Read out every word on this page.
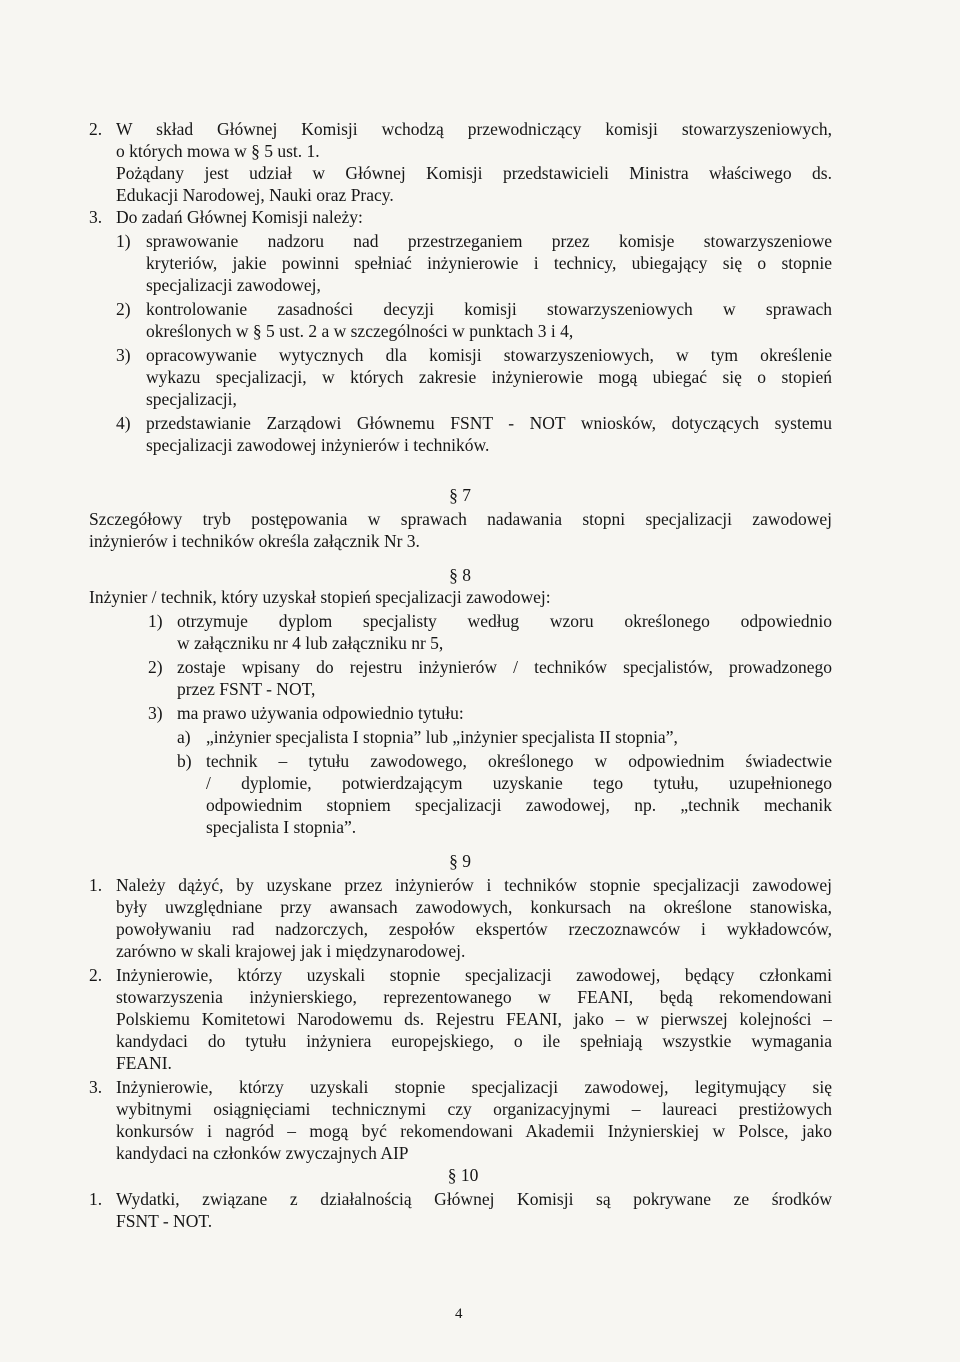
2. W skład Głównej Komisji wchodzą przewodniczący komisji stowarzyszeniowych,
o których mowa w § 5 ust. 1.
Pożądany jest udział w Głównej Komisji przedstawicieli Ministra właściwego ds.
Edukacji Narodowej, Nauki oraz Pracy.
3. Do zadań Głównej Komisji należy:
1) sprawowanie nadzoru nad przestrzeganiem przez komisje stowarzyszeniowe
kryteriów, jakie powinni spełniać inżynierowie i technicy, ubiegający się o stopnie
specjalizacji zawodowej,
2) kontrolowanie zasadności decyzji komisji stowarzyszeniowych w sprawach
określonych w § 5 ust. 2 a w szczególności w punktach 3 i 4,
3) opracowywanie wytycznych dla komisji stowarzyszeniowych, w tym określenie
wykazu specjalizacji, w których zakresie inżynierowie mogą ubiegać się o stopień
specjalizacji,
4) przedstawianie Zarządowi Głównemu FSNT - NOT wniosków, dotyczących systemu
specjalizacji zawodowej inżynierów i techników.
§ 7
Szczegółowy tryb postępowania w sprawach nadawania stopni specjalizacji zawodowej
inżynierów i techników określa załącznik Nr 3.
§ 8
Inżynier / technik, który uzyskał stopień specjalizacji zawodowej:
1) otrzymuje dyplom specjalisty według wzoru określonego odpowiednio
w załączniku nr 4 lub załączniku nr 5,
2) zostaje wpisany do rejestru inżynierów / techników specjalistów, prowadzonego
przez FSNT - NOT,
3) ma prawo używania odpowiednio tytułu:
a) „inżynier specjalista I stopnia” lub „inżynier specjalista II stopnia”,
b) technik – tytułu zawodowego, określonego w odpowiednim świadectwie
/ dyplomie, potwierdzającym uzyskanie tego tytułu, uzupełnionego
odpowiednim stopniem specjalizacji zawodowej, np. „technik mechanik
specjalista I stopnia”.
§ 9
1. Należy dążyć, by uzyskane przez inżynierów i techników stopnie specjalizacji zawodowej
były uwzględniane przy awansach zawodowych, konkursach na określone stanowiska,
powoływaniu rad nadzorczych, zespołów ekspertów rzeczoznawców i wykładowców,
zarówno w skali krajowej jak i międzynarodowej.
2. Inżynierowie, którzy uzyskali stopnie specjalizacji zawodowej, będący członkami
stowarzyszenia inżynierskiego, reprezentowanego w FEANI, będą rekomendowani
Polskiemu Komitetowi Narodowemu ds. Rejestru FEANI, jako – w pierwszej kolejności –
kandydaci do tytułu inżyniera europejskiego, o ile spełniają wszystkie wymagania
FEANI.
3. Inżynierowie, którzy uzyskali stopnie specjalizacji zawodowej, legitymujący się
wybitnymi osiągnięciami technicznymi czy organizacyjnymi – laureaci prestiżowych
konkursów i nagród – mogą być rekomendowani Akademii Inżynierskiej w Polsce, jako
kandydaci na członków zwyczajnych AIP
§ 10
1. Wydatki, związane z działalnością Głównej Komisji są pokrywane ze środków
FSNT - NOT.
4
